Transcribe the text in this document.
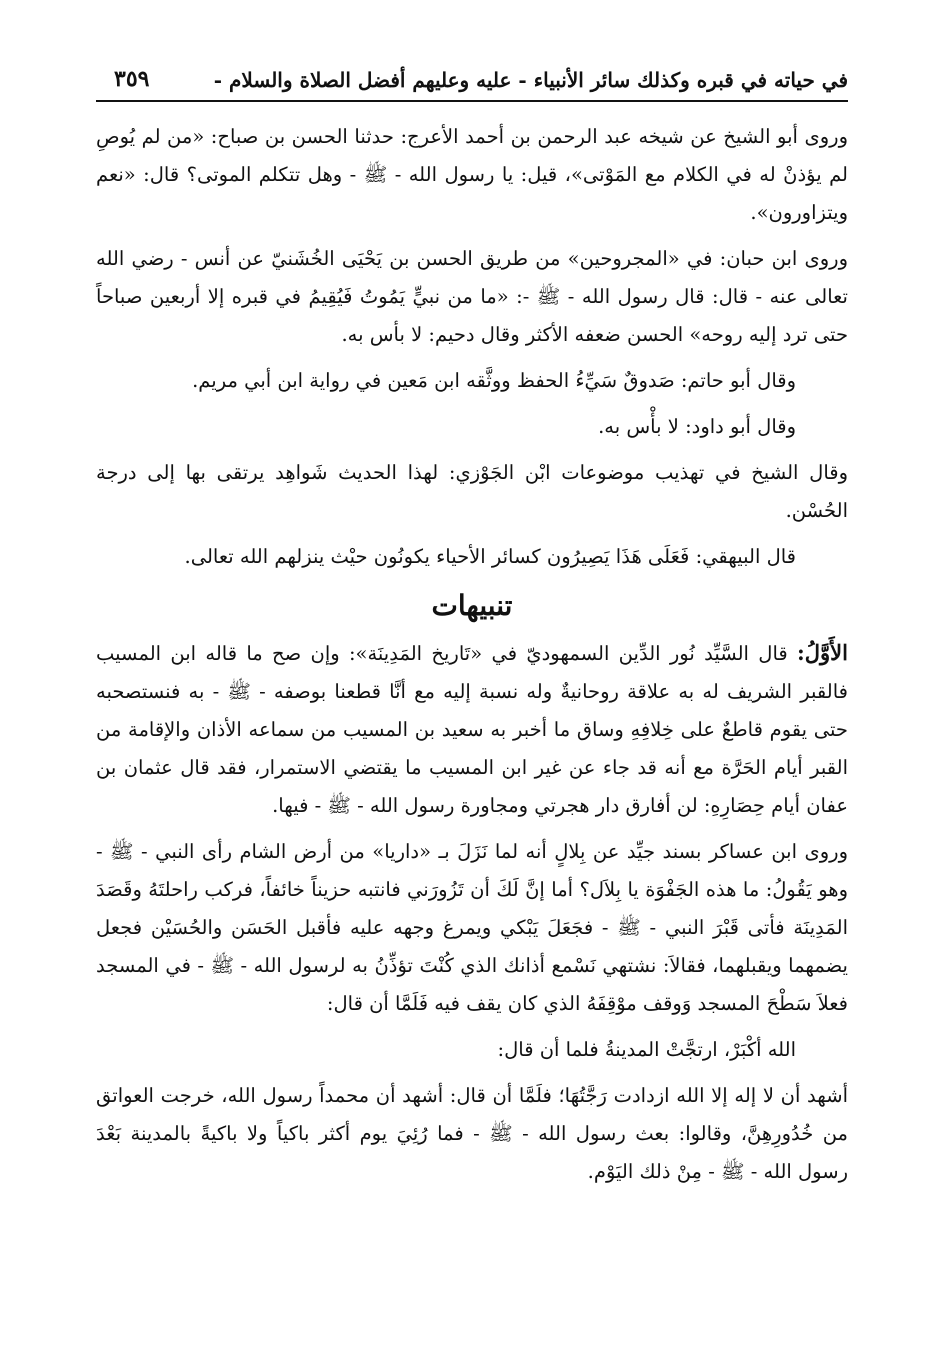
في حياته في قبره وكذلك سائر الأنبياء - عليه وعليهم أفضل الصلاة والسلام -
٣٥٩

وروى أبو الشيخ عن شيخه عبد الرحمن بن أحمد الأعرج: حدثنا الحسن بن صباح: «من لم يُوصِ لم يؤذنْ له في الكلام مع المَوْتى»، قيل: يا رسول الله - ﷺ - وهل تتكلم الموتى؟ قال: «نعم ويتزاورون».

وروى ابن حبان: في «المجروحين» من طريق الحسن بن يَحْيَى الخُشَنيّ عن أنس - رضي الله تعالى عنه - قال: قال رسول الله - ﷺ -: «ما من نبيٍّ يَمُوتُ فَيُقِيمُ في قبره إلا أربعين صباحاً حتى ترد إليه روحه» الحسن ضعفه الأكثر وقال دحيم: لا بأس به.

وقال أبو حاتم: صَدوقٌ سَيِّءُ الحفظ ووثَّقه ابن مَعين في رواية ابن أبي مريم.

وقال أبو داود: لا بأْس به.

وقال الشيخ في تهذيب موضوعات ابْن الجَوْزي: لهذا الحديث شَواهِد يرتقى بها إلى درجة الحُسْن.

قال البيهقي: فَعَلَى هَذَا يَصِيرُون كسائر الأحياء يكونُون حيْث ينزلهم الله تعالى.

تنبيهات

الأَوَّلُ: قال السَّيِّد نُور الدِّين السمهوديّ في «تَاريخ المَدِينَة»: وإن صح ما قاله ابن المسيب فالقبر الشريف له به علاقة روحانيةٌ وله نسبة إليه مع أنَّا قطعنا بوصفه - ﷺ - به فنستصحبه حتى يقوم قاطعٌ على خِلافِهِ وساق ما أخبر به سعيد بن المسيب من سماعه الأذان والإقامة من القبر أيام الحَرَّة مع أنه قد جاء عن غير ابن المسيب ما يقتضي الاستمرار، فقد قال عثمان بن عفان أيام حِصَارِهِ: لن أفارق دار هجرتي ومجاورة رسول الله - ﷺ - فيها.

وروى ابن عساكر بسند جيِّد عن بِلالٍ أنه لما نَزَلَ بـ «داريا» من أرض الشام رأى النبي - ﷺ - وهو يَقُولُ: ما هذه الجَفْوَة يا بِلاَل؟ أما إنَّ لَكَ أن تَزُورَني فانتبه حزيناً خائفاً، فركب راحلتَهُ وقَصَدَ المَدِينَة فأتى قَبْرَ النبي - ﷺ - فجَعَلَ يَبْكي ويمرغ وجهه عليه فأقبل الحَسَن والحُسَيْن فجعل يضمهما ويقبلهما، فقالاَ: نشتهي نَسْمع أذانك الذي كُنْتَ تؤذِّنُ به لرسول الله - ﷺ - في المسجد فعلاَ سَطْحَ المسجد وَوقف موْقِفَهُ الذي كان يقف فيه فَلَمَّا أن قال:

الله أكْبَرْ، ارتجَّتْ المدينةُ فلما أن قال:

أشهد أن لا إله إلا الله ازدادت رَجَّتُهَا؛ فلَمَّا أن قال: أشهد أن محمداً رسول الله، خرجت العواتق من خُدُورِهِنَّ، وقالوا: بعث رسول الله - ﷺ - فما رُئِيَ يوم أكثر باكياً ولا باكيةً بالمدينة بَعْدَ رسول الله - ﷺ - مِنْ ذلك اليَوْم.
